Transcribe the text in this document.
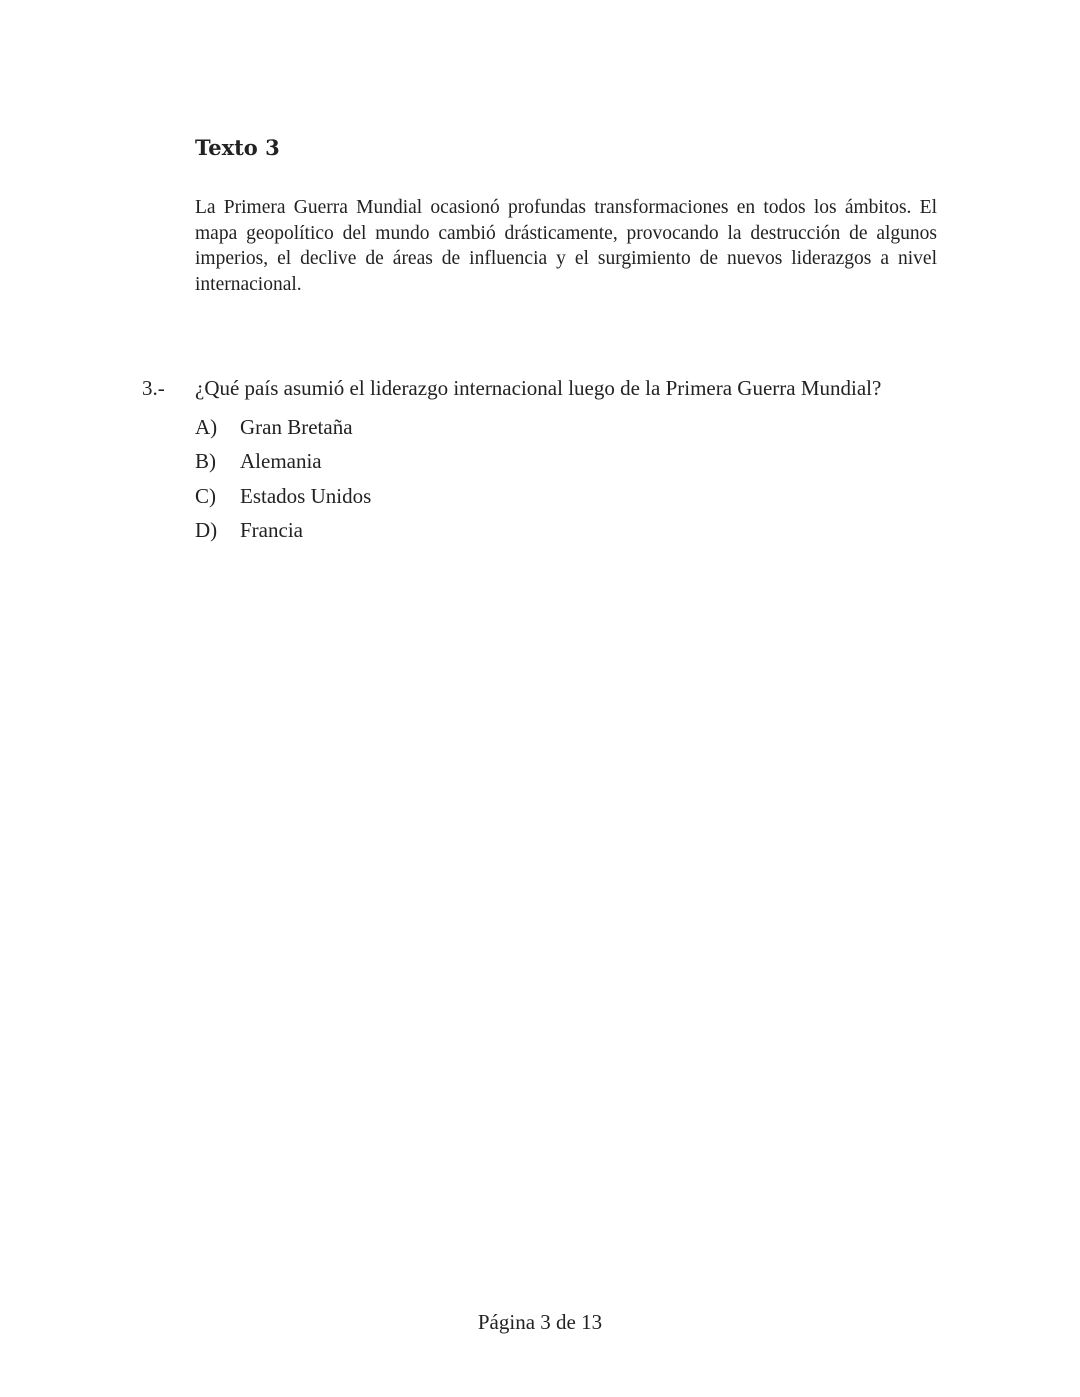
Texto 3

La Primera Guerra Mundial ocasionó profundas transformaciones en todos los ámbitos. El mapa geopolítico del mundo cambió drásticamente, provocando la destrucción de algunos imperios, el declive de áreas de influencia y el surgimiento de nuevos liderazgos a nivel internacional.

3.- ¿Qué país asumió el liderazgo internacional luego de la Primera Guerra Mundial?
A) Gran Bretaña
B) Alemania
C) Estados Unidos
D) Francia
Página 3 de 13
